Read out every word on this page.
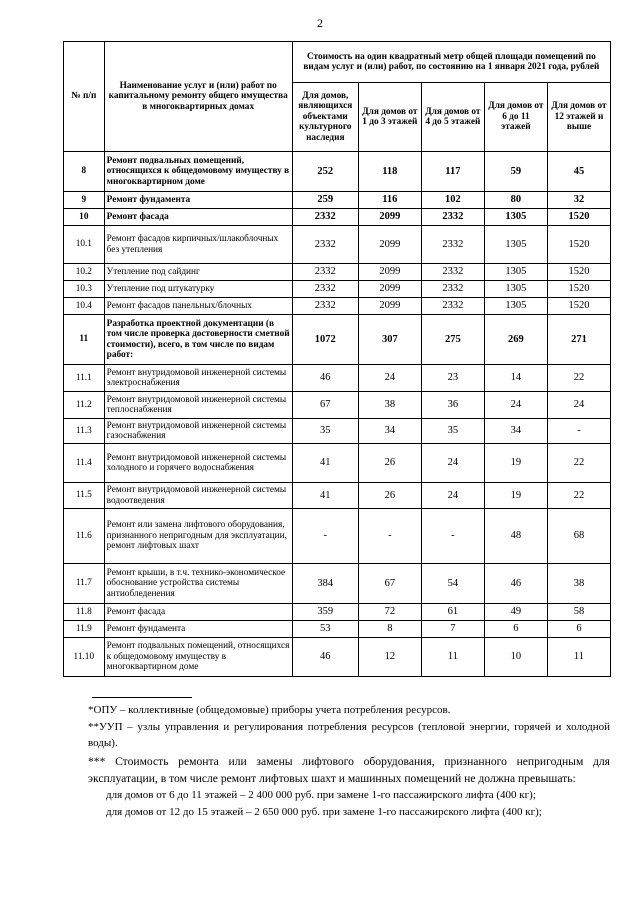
2
№ п/п	Наименование услуг и (или) работ по капитальному ремонту общего имущества в многоквартирных домах	Стоимость на один квадратный метр общей площади помещений по видам услуг и (или) работ, по состоянию на 1 января 2021 года, рублей				
		Для домов, являющихся объектами культурного наследия	Для домов от 1 до 3 этажей	Для домов от 4 до 5 этажей	Для домов от 6 до 11 этажей	Для домов от 12 этажей и выше
8	Ремонт подвальных помещений, относящихся к общедомовому имуществу в многоквартирном доме	252	118	117	59	45
9	Ремонт фундамента	259	116	102	80	32
10	Ремонт фасада	2332	2099	2332	1305	1520
10.1	Ремонт фасадов кирпичных/шлакоблочных без утепления	2332	2099	2332	1305	1520
10.2	Утепление под сайдинг	2332	2099	2332	1305	1520
10.3	Утепление под штукатурку	2332	2099	2332	1305	1520
10.4	Ремонт фасадов панельных/блочных	2332	2099	2332	1305	1520
11	Разработка проектной документации (в том числе проверка достоверности сметной стоимости), всего, в том числе по видам работ:	1072	307	275	269	271
11.1	Ремонт внутридомовой инженерной системы электроснабжения	46	24	23	14	22
11.2	Ремонт внутридомовой инженерной системы теплоснабжения	67	38	36	24	24
11.3	Ремонт внутридомовой инженерной системы газоснабжения	35	34	35	34	-
11.4	Ремонт внутридомовой инженерной системы холодного и горячего водоснабжения	41	26	24	19	22
11.5	Ремонт внутридомовой инженерной системы водоотведения	41	26	24	19	22
11.6	Ремонт или замена лифтового оборудования, признанного непригодным для эксплуатации, ремонт лифтовых шахт	-	-	-	48	68
11.7	Ремонт крыши, в т.ч. технико-экономическое обоснование устройства системы антиобледенения	384	67	54	46	38
11.8	Ремонт фасада	359	72	61	49	58
11.9	Ремонт фундамента	53	8	7	6	6
11.10	Ремонт подвальных помещений, относящихся к общедомовому имуществу в многоквартирном доме	46	12	11	10	11

*ОПУ – коллективные (общедомовые) приборы учета потребления ресурсов.

**УУП – узлы управления и регулирования потребления ресурсов (тепловой энергии, горячей и холодной воды).

*** Стоимость ремонта или замены лифтового оборудования, признанного непригодным для эксплуатации, в том числе ремонт лифтовых шахт и машинных помещений не должна превышать:

для домов от 6 до 11 этажей – 2 400 000 руб. при замене 1-го пассажирского лифта (400 кг);

для домов от 12 до 15 этажей – 2 650 000 руб. при замене 1-го пассажирского лифта (400 кг);
